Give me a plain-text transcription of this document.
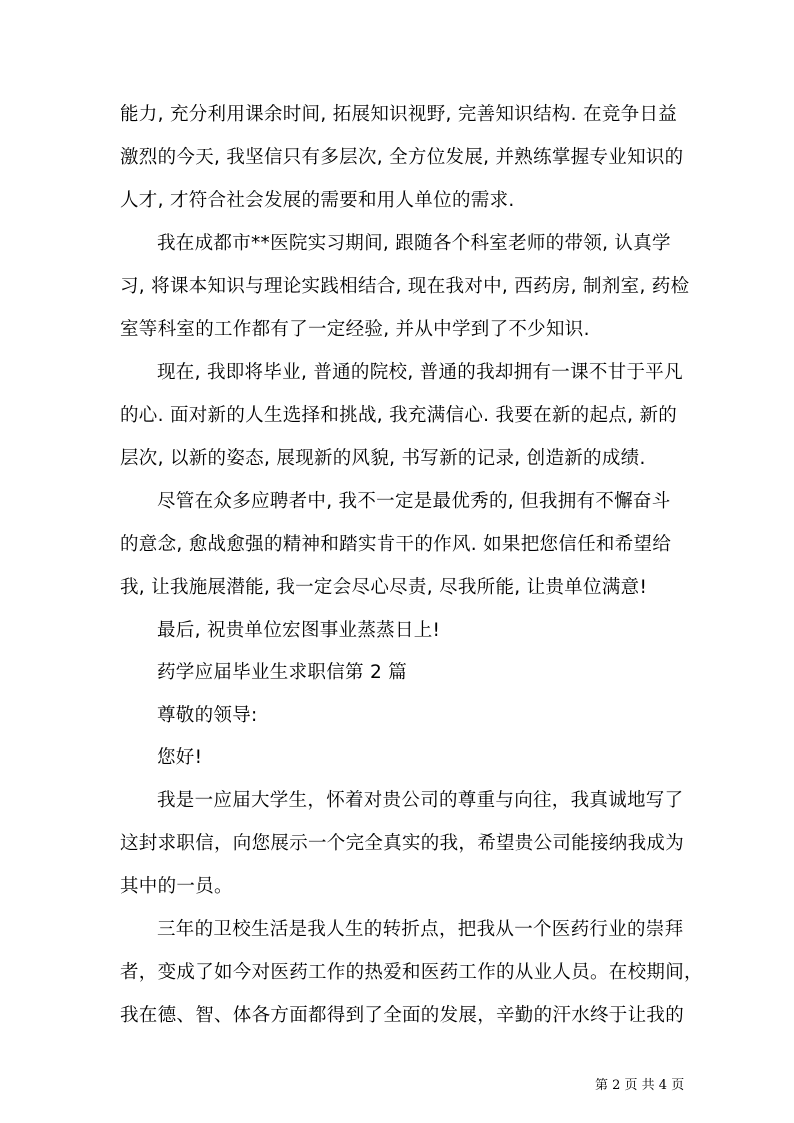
能力, 充分利用课余时间, 拓展知识视野, 完善知识结构. 在竞争日益
激烈的今天, 我坚信只有多层次, 全方位发展, 并熟练掌握专业知识的
人才, 才符合社会发展的需要和用人单位的需求.
我在成都市**医院实习期间, 跟随各个科室老师的带领, 认真学
习, 将课本知识与理论实践相结合, 现在我对中, 西药房, 制剂室, 药检
室等科室的工作都有了一定经验, 并从中学到了不少知识.
现在, 我即将毕业, 普通的院校, 普通的我却拥有一课不甘于平凡
的心. 面对新的人生选择和挑战, 我充满信心. 我要在新的起点, 新的
层次, 以新的姿态, 展现新的风貌, 书写新的记录, 创造新的成绩.
尽管在众多应聘者中, 我不一定是最优秀的, 但我拥有不懈奋斗
的意念, 愈战愈强的精神和踏实肯干的作风. 如果把您信任和希望给
我, 让我施展潜能, 我一定会尽心尽责, 尽我所能, 让贵单位满意!
最后, 祝贵单位宏图事业蒸蒸日上!
药学应届毕业生求职信第 2 篇
尊敬的领导:
您好!
我是一应届大学生，怀着对贵公司的尊重与向往，我真诚地写了
这封求职信，向您展示一个完全真实的我，希望贵公司能接纳我成为
其中的一员。
三年的卫校生活是我人生的转折点，把我从一个医药行业的崇拜
者，变成了如今对医药工作的热爱和医药工作的从业人员。在校期间，
我在德、智、体各方面都得到了全面的发展，辛勤的汗水终于让我的
第 2 页 共 4 页
